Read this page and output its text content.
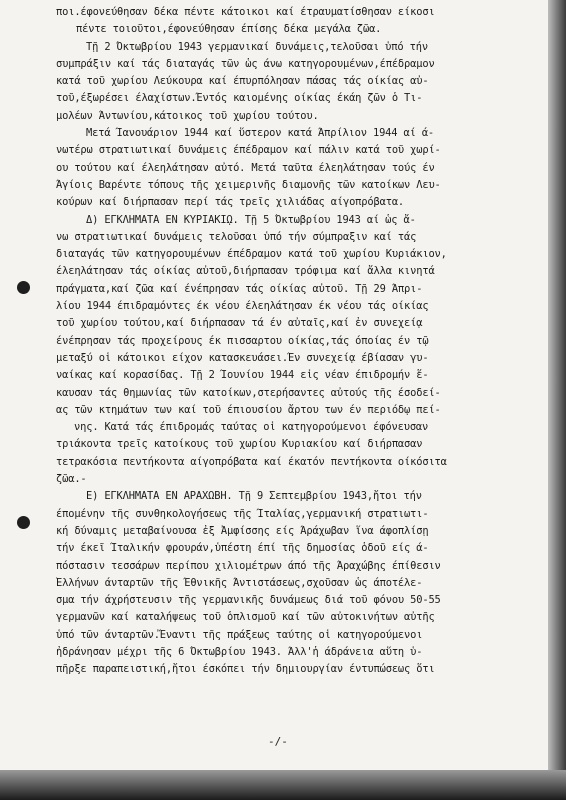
ποι.έφονεύθησαν δέκα πέντε κάτοικοι καί έτραυματίσθησαν είκοσι
πέντε τοιοῦτοι,έφονεύθησαν έπίσης δέκα μεγάλα ζῶα.
Τῇ 2 Όκτωβρίου 1943 γερμανικαί δυνάμεις,τελοῦσαι ὑπό τήν
συμπράξιν καί τάς διαταγάς τῶν ὡς άνω κατηγορουμένων,έπέδραμον
κατά τοῦ χωρίου Λεύκουρα καί έπυρπόλησαν πάσας τάς οίκίας αὐ-
τοῦ,έξωρέσει έλαχίστων.Έντός καιομένης οίκίας έκάη ζῶν ὁ Τι-
μολέων Άντωνίου,κάτοικος τοῦ χωρίου τούτου.
Μετά Ίανουάριον 1944 καί ὕστερον κατά Άπρίλιον 1944 αί ά-
νωτέρω στρατιωτικαί δυνάμεις έπέδραμον καί πάλιν κατά τοῦ χωρί-
ου τούτου καί έλεηλάτησαν αὐτό. Μετά ταῦτα έλεηλάτησαν τούς έν
Άγίοις Βαρέντε τόπους τῆς χειμερινῆς διαμονῆς τῶν κατοίκων Λευ-
κούρων καί διήρπασαν περί τάς τρεῖς χιλιάδας αίγοπρόβατα.
Δ) ΕΓΚΛΗΜΑΤΑ ΕΝ ΚΥΡΙΑΚΙῼ. Τῇ 5 Όκτωβρίου 1943 αί ὡς ἄ-
νω στρατιωτικαί δυνάμεις τελοῦσαι ὑπό τήν σύμπραξιν καί τάς
διαταγάς τῶν κατηγορουμένων έπέδραμον κατά τοῦ χωρίου Κυριάκιον,
έλεηλάτησαν τάς οίκίας αὐτοῦ,διήρπασαν τρόφιμα καί ἄλλα κινητά
πράγματα,καί ζῶα καί ένέπρησαν τάς οίκίας αὐτοῦ. Τῇ 29 Άπρι-
λίου 1944 έπιδραμόντες έκ νέου έλεηλάτησαν έκ νέου τάς οίκίας
τοῦ χωρίου τούτου,καί διήρπασαν τά έν αὐταῖς,καί ἐν συνεχείᾳ
ένέπρησαν τάς προχείρους έκ πισσαρτου οίκίας,τάς όποίας έν τῷ
μεταξύ οἱ κάτοικοι είχον κατασκευάσει.Έν συνεχείᾳ έβίασαν γυ-
ναίκας καί κορασίδας. Τῇ 2 Ίουνίου 1944 εἰς νέαν έπιδρομήν ἕ-
καυσαν τάς θημωνίας τῶν κατοίκων,στερήσαντες αὐτούς τῆς έσοδεί-
ας τῶν κτημάτων των καί τοῦ έπιουσίου ἄρτου των έν περιόδῳ πεί-
νης. Κατά τάς έπιδρομάς ταύτας οἱ κατηγορούμενοι έφόνευσαν
τριάκοντα τρεῖς κατοίκους τοῦ χωρίου Κυριακίου καί διήρπασαν
τετρακόσια πεντήκοντα αίγοπρόβατα καί έκατόν πεντήκοντα οίκόσιτα
ζῶα.-
Ε) ΕΓΚΛΗΜΑΤΑ ΕΝ ΑΡΑΧΩΒΗ. Τῇ 9 Σεπτεμβρίου 1943,ἤτοι τήν
έπομένην τῆς συνθηκολογήσεως τῆς Ίταλίας,γερμανική στρατιωτι-
κή δύναμις μεταβαίνουσα ἐξ Ἀμφίσσης είς Άράχωβαν ἵνα άφοπλίσῃ
τήν έκεῖ Ίταλικήν φρουράν,ὑπέστη έπί τῆς δημοσίας ὁδοῦ είς ά-
πόστασιν τεσσάρων περίπου χιλιομέτρων άπό τῆς Άραχώβης έπίθεσιν
Έλλήνων άνταρτῶν τῆς Έθνικῆς Άντιστάσεως,σχοῦσαν ὡς άποτέλε-
σμα τήν άχρήστευσιν τῆς γερμανικῆς δυνάμεως διά τοῦ φόνου 50-55
γερμανῶν καί καταλήψεως τοῦ ὁπλισμοῦ καί τῶν αὐτοκινήτων αὐτῆς
ὑπό τῶν άνταρτῶν.Ἔναντι τῆς πράξεως ταύτης οἱ κατηγορούμενοι
ἠδράνησαν μέχρι τῆς 6 Όκτωβρίου 1943. Άλλ'ἡ άδράνεια αὕτη ὑ-
πῆρξε παραπειστική,ἤτοι έσκόπει τήν δημιουργίαν έντυπώσεως ὅτι
-/-
